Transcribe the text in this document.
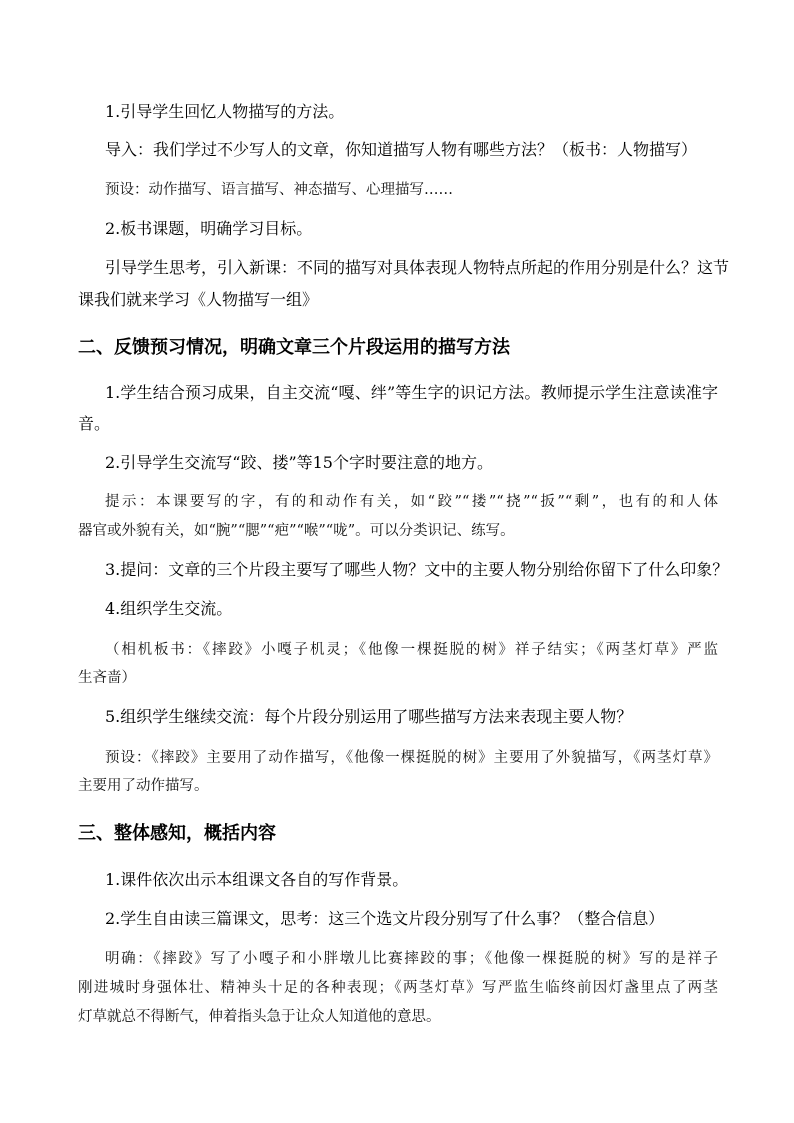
1.引导学生回忆人物描写的方法。
导入：我们学过不少写人的文章，你知道描写人物有哪些方法？（板书：人物描写）
预设：动作描写、语言描写、神态描写、心理描写……
2.板书课题，明确学习目标。
引导学生思考，引入新课：不同的描写对具体表现人物特点所起的作用分别是什么？这节
课我们就来学习《人物描写一组》
二、反馈预习情况，明确文章三个片段运用的描写方法
1.学生结合预习成果，自主交流“嘎、绊”等生字的识记方法。教师提示学生注意读准字
音。
2.引导学生交流写“跤、搂”等15个字时要注意的地方。
提示：本课要写的字，有的和动作有关，如“跤”“搂”“挠”“扳”“剩”，也有的和人体
器官或外貌有关，如“腕”“腮”“疤”“喉”“咙”。可以分类识记、练写。
3.提问：文章的三个片段主要写了哪些人物？文中的主要人物分别给你留下了什么印象？
4.组织学生交流。
（相机板书：《摔跤》小嘎子机灵；《他像一棵挺脱的树》祥子结实；《两茎灯草》严监
生吝啬）
5.组织学生继续交流：每个片段分别运用了哪些描写方法来表现主要人物？
预设：《摔跤》主要用了动作描写，《他像一棵挺脱的树》主要用了外貌描写，《两茎灯草》
主要用了动作描写。
三、整体感知，概括内容
1.课件依次出示本组课文各自的写作背景。
2.学生自由读三篇课文，思考：这三个选文片段分别写了什么事？（整合信息）
明确：《摔跤》写了小嘎子和小胖墩儿比赛摔跤的事；《他像一棵挺脱的树》写的是祥子
刚进城时身强体壮、精神头十足的各种表现；《两茎灯草》写严监生临终前因灯盏里点了两茎
灯草就总不得断气，伸着指头急于让众人知道他的意思。
